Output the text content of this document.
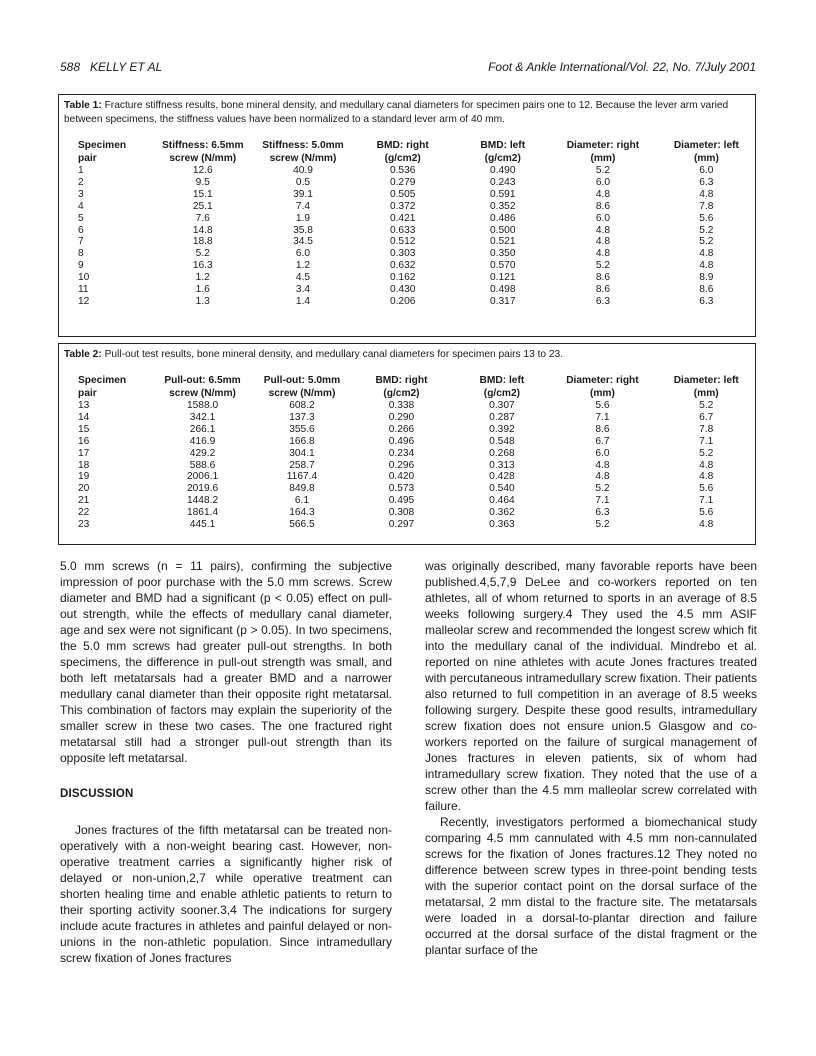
588 KELLY ET AL	Foot & Ankle International/Vol. 22, No. 7/July 2001
Table 1: Fracture stiffness results, bone mineral density, and medullary canal diameters for specimen pairs one to 12. Because the lever arm varied between specimens, the stiffness values have been normalized to a standard lever arm of 40 mm.
Specimen	Stiffness: 6.5mm	Stiffness: 5.0mm	BMD: right	BMD: left	Diameter: right	Diameter: left
pair	screw (N/mm)	screw (N/mm)	(g/cm2)	(g/cm2)	(mm)	(mm)
1	12.6	40.9	0.536	0.490	5.2	6.0
2	9.5	0.5	0.279	0.243	6.0	6.3
3	15.1	39.1	0.505	0.591	4.8	4.8
4	25.1	7.4	0.372	0.352	8.6	7.8
5	7.6	1.9	0.421	0.486	6.0	5.6
6	14.8	35.8	0.633	0.500	4.8	5.2
7	18.8	34.5	0.512	0.521	4.8	5.2
8	5.2	6.0	0.303	0.350	4.8	4.8
9	16.3	1.2	0.632	0.570	5.2	4.8
10	1.2	4.5	0.162	0.121	8.6	8.9
11	1.6	3.4	0.430	0.498	8.6	8.6
12	1.3	1.4	0.206	0.317	6.3	6.3
Table 2: Pull-out test results, bone mineral density, and medullary canal diameters for specimen pairs 13 to 23.
Specimen	Pull-out: 6.5mm	Pull-out: 5.0mm	BMD: right	BMD: left	Diameter: right	Diameter: left
pair	screw (N/mm)	screw (N/mm)	(g/cm2)	(g/cm2)	(mm)	(mm)
13	1588.0	608.2	0.338	0.307	5.6	5.2
14	342.1	137.3	0.290	0.287	7.1	6.7
15	266.1	355.6	0.266	0.392	8.6	7.8
16	416.9	166.8	0.496	0.548	6.7	7.1
17	429.2	304.1	0.234	0.268	6.0	5.2
18	588.6	258.7	0.296	0.313	4.8	4.8
19	2006.1	1167.4	0.420	0.428	4.8	4.8
20	2019.6	849.8	0.573	0.540	5.2	5.6
21	1448.2	6.1	0.495	0.464	7.1	7.1
22	1861.4	164.3	0.308	0.362	6.3	5.6
23	445.1	566.5	0.297	0.363	5.2	4.8

5.0 mm screws (n = 11 pairs), confirming the subjective impression of poor purchase with the 5.0 mm screws. Screw diameter and BMD had a significant (p < 0.05) effect on pull-out strength, while the effects of medullary canal diameter, age and sex were not significant (p > 0.05). In two specimens, the 5.0 mm screws had greater pull-out strengths. In both specimens, the difference in pull-out strength was small, and both left metatarsals had a greater BMD and a narrower medullary canal diameter than their opposite right metatarsal. This combination of factors may explain the superiority of the smaller screw in these two cases. The one fractured right metatarsal still had a stronger pull-out strength than its opposite left metatarsal.

DISCUSSION

Jones fractures of the fifth metatarsal can be treated non-operatively with a non-weight bearing cast. However, non-operative treatment carries a significantly higher risk of delayed or non-union,2,7 while operative treatment can shorten healing time and enable athletic patients to return to their sporting activity sooner.3,4 The indications for surgery include acute fractures in athletes and painful delayed or non-unions in the non-athletic population. Since intramedullary screw fixation of Jones fractures

was originally described, many favorable reports have been published.4,5,7,9 DeLee and co-workers reported on ten athletes, all of whom returned to sports in an average of 8.5 weeks following surgery.4 They used the 4.5 mm ASIF malleolar screw and recommended the longest screw which fit into the medullary canal of the individual. Mindrebo et al. reported on nine athletes with acute Jones fractures treated with percutaneous intramedullary screw fixation. Their patients also returned to full competition in an average of 8.5 weeks following surgery. Despite these good results, intramedullary screw fixation does not ensure union.5 Glasgow and co-workers reported on the failure of surgical management of Jones fractures in eleven patients, six of whom had intramedullary screw fixation. They noted that the use of a screw other than the 4.5 mm malleolar screw correlated with failure.

Recently, investigators performed a biomechanical study comparing 4.5 mm cannulated with 4.5 mm non-cannulated screws for the fixation of Jones fractures.12 They noted no difference between screw types in three-point bending tests with the superior contact point on the dorsal surface of the metatarsal, 2 mm distal to the fracture site. The metatarsals were loaded in a dorsal-to-plantar direction and failure occurred at the dorsal surface of the distal fragment or the plantar surface of the
